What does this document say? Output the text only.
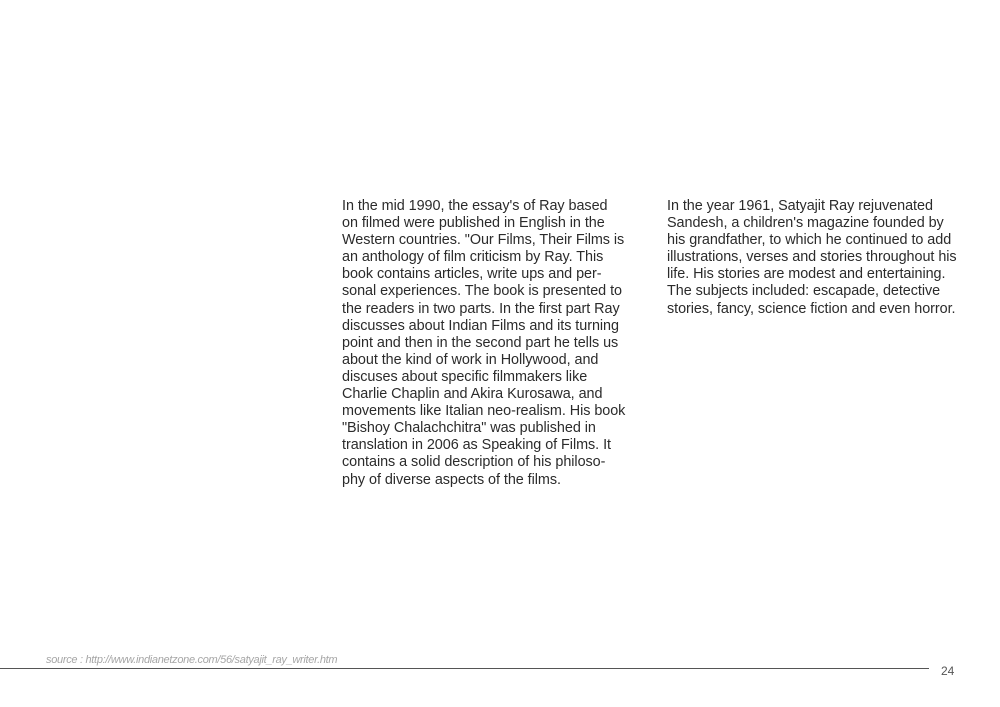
In the mid 1990, the essay's of Ray based
on filmed were published in English in the
Western countries. "Our Films, Their Films is
an anthology of film criticism by Ray. This
book contains articles, write ups and per-
sonal experiences. The book is presented to
the readers in two parts. In the first part Ray
discusses about Indian Films and its turning
point and then in the second part he tells us
about the kind of work in Hollywood, and
discuses about specific filmmakers like
Charlie Chaplin and Akira Kurosawa, and
movements like Italian neo-realism. His book
"Bishoy Chalachchitra" was published in
translation in 2006 as Speaking of Films. It
contains a solid description of his philoso-
phy of diverse aspects of the films.
In the year 1961, Satyajit Ray rejuvenated
Sandesh, a children's magazine founded by
his grandfather, to which he continued to add
illustrations, verses and stories throughout his
life. His stories are modest and entertaining.
The subjects included: escapade, detective
stories, fancy, science fiction and even horror.
source : http://www.indianetzone.com/56/satyajit_ray_writer.htm
24
